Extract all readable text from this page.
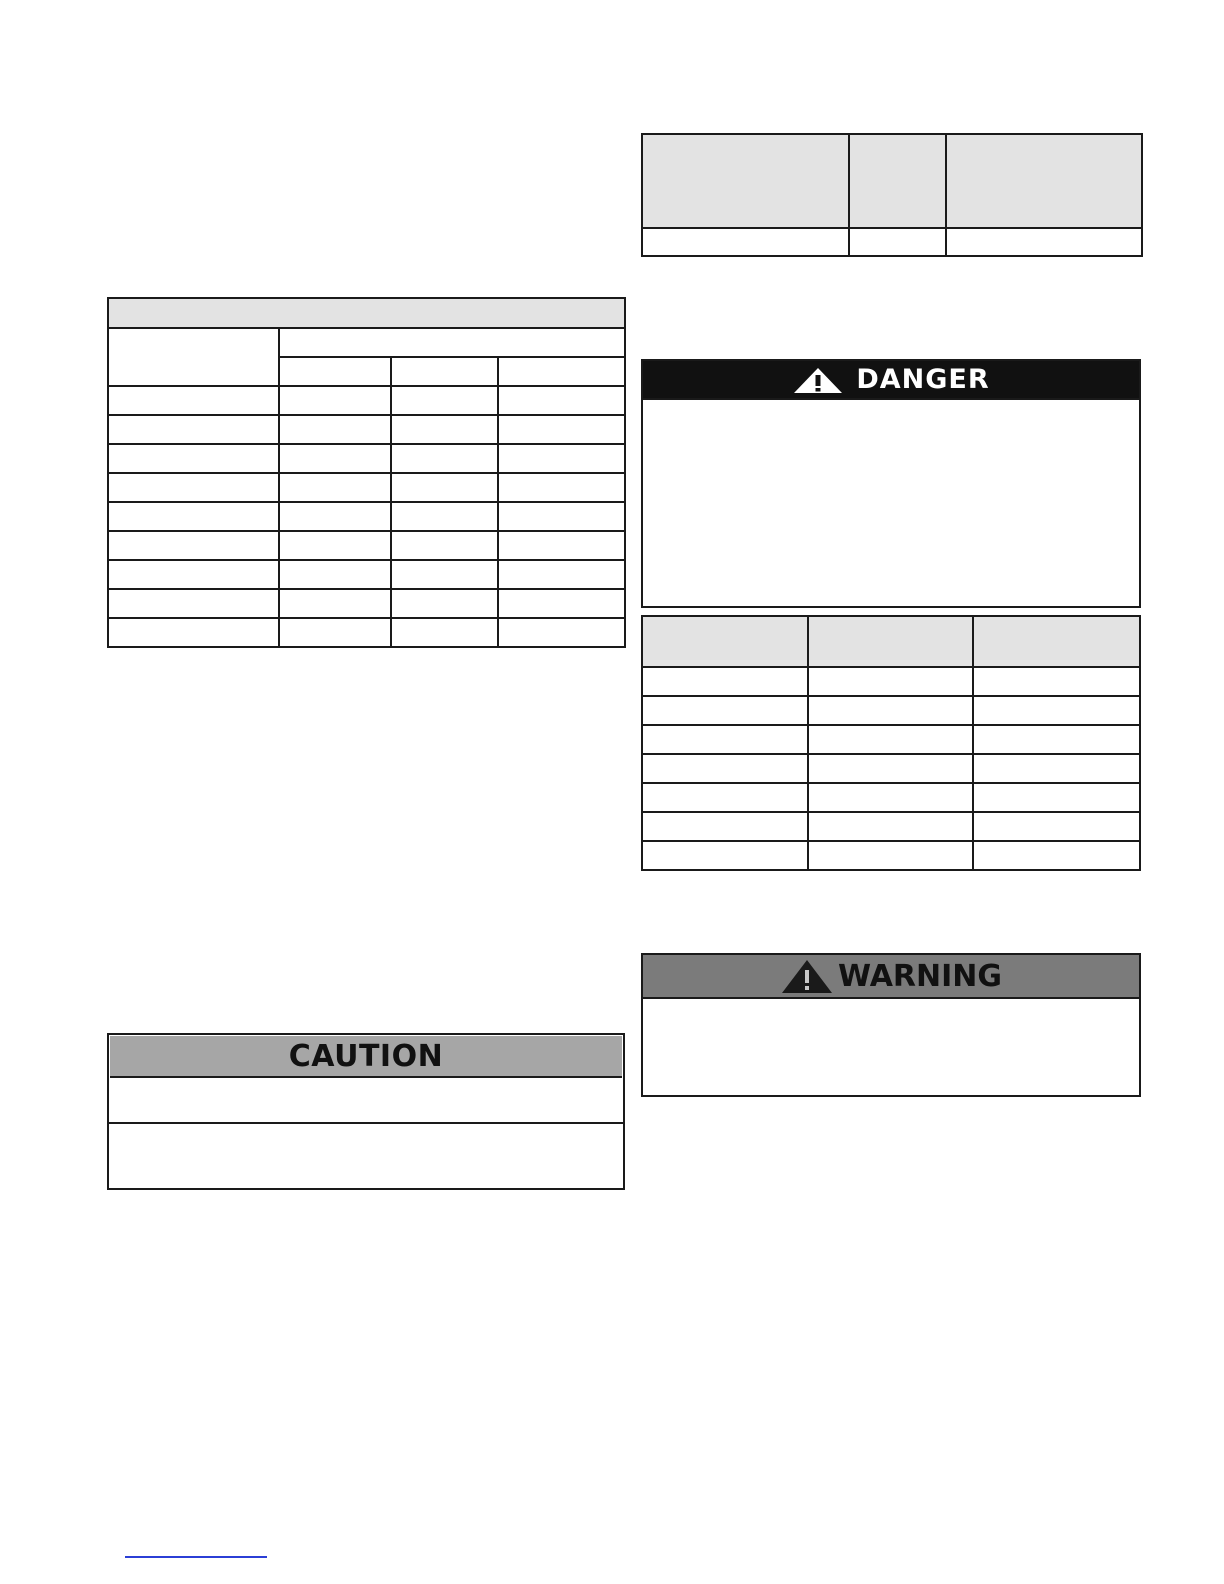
DANGER

WARNING
CAUTION
